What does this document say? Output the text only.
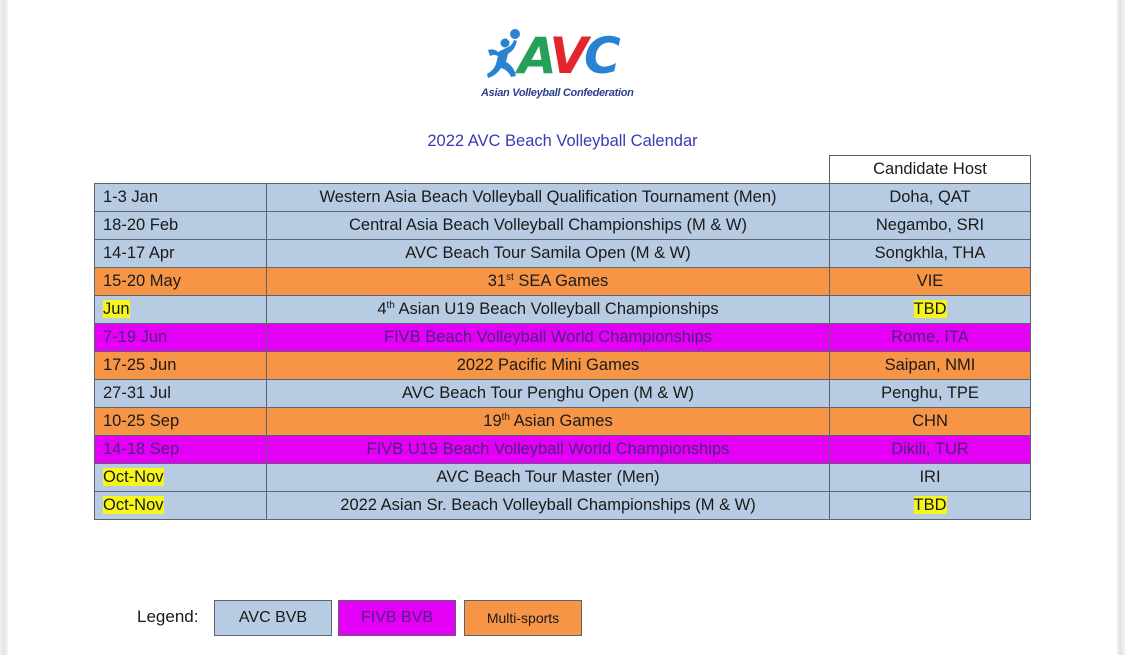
AVC
Asian Volleyball Confederation
2022 AVC Beach Volleyball Calendar
		Candidate Host
1-3 Jan	Western Asia Beach Volleyball Qualification Tournament (Men)	Doha, QAT
18-20 Feb	Central Asia Beach Volleyball Championships (M & W)	Negambo, SRI
14-17 Apr	AVC Beach Tour Samila Open (M & W)	Songkhla, THA
15-20 May	31st SEA Games	VIE
Jun	4th Asian U19 Beach Volleyball Championships	TBD
7-19 Jun	FIVB Beach Volleyball World Championships	Rome, ITA
17-25 Jun	2022 Pacific Mini Games	Saipan, NMI
27-31 Jul	AVC Beach Tour Penghu Open (M & W)	Penghu, TPE
10-25 Sep	19th Asian Games	CHN
14-18 Sep	FIVB U19 Beach Volleyball World Championships	Dikili, TUR
Oct-Nov	AVC Beach Tour Master (Men)	IRI
Oct-Nov	2022 Asian Sr. Beach Volleyball Championships (M & W)	TBD
Legend:	AVC BVB	FIVB BVB	Multi-sports
